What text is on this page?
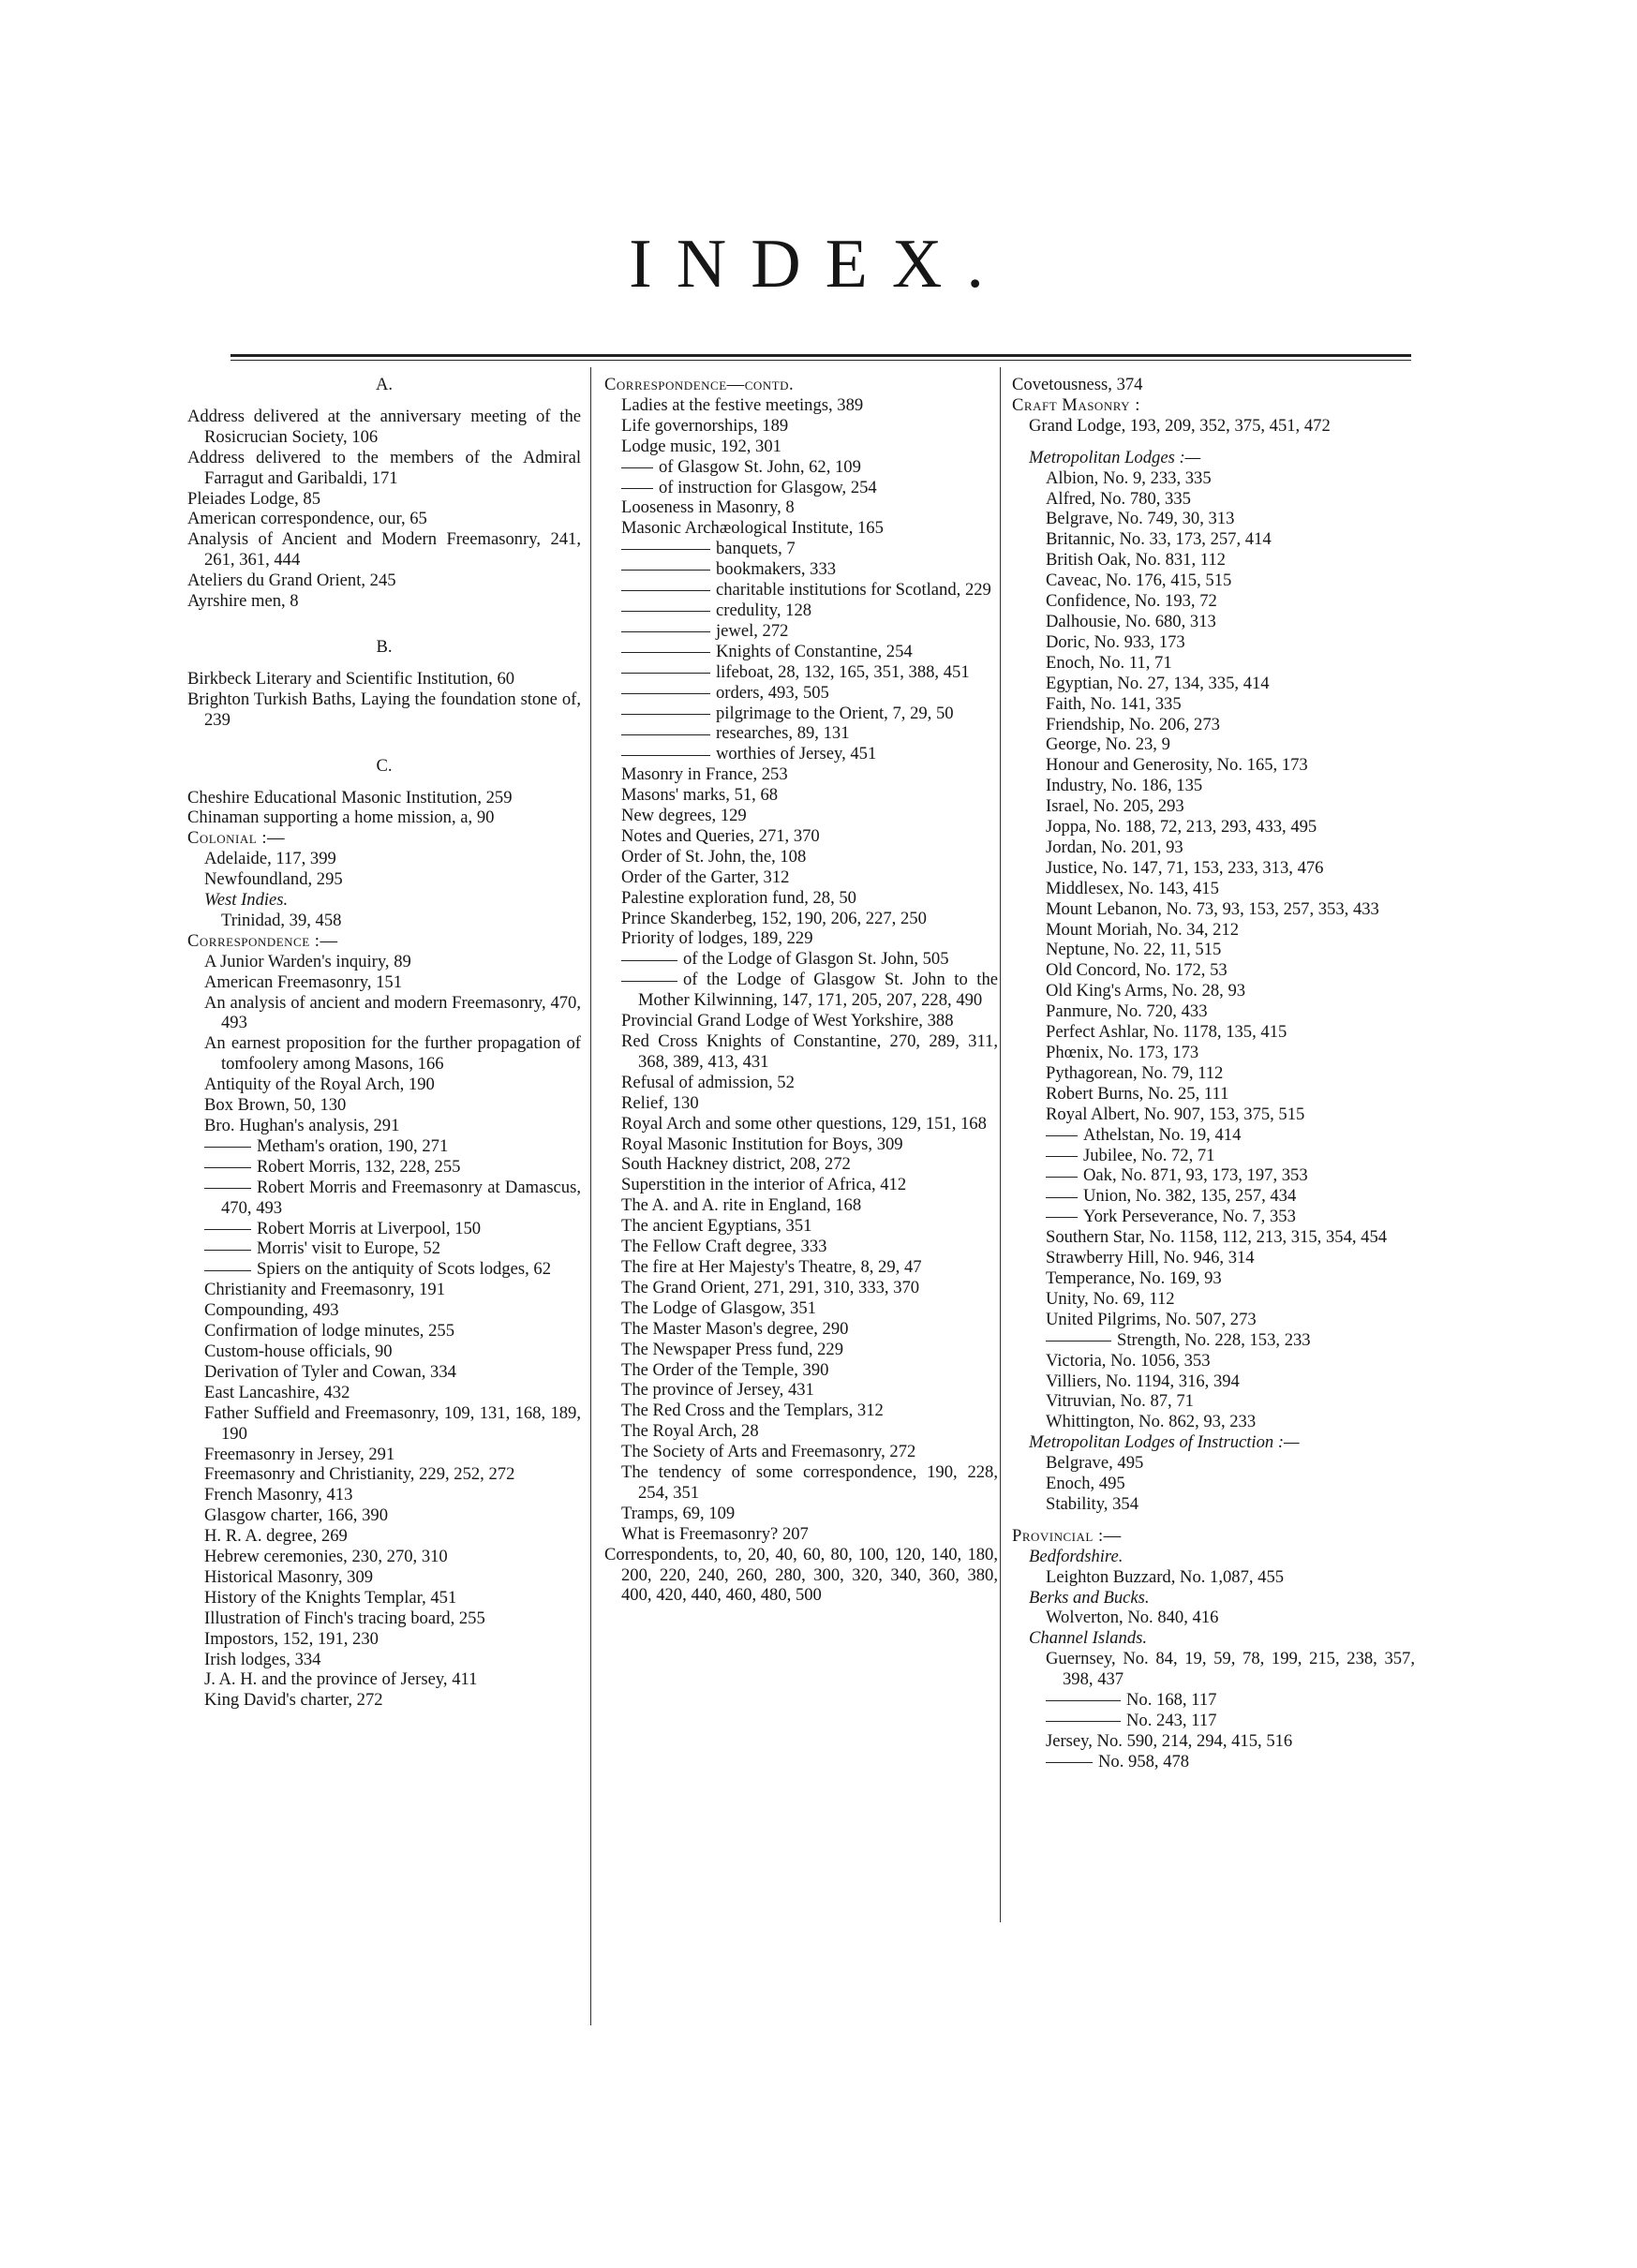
INDEX.
A.
Address delivered at the anniversary meeting of the Rosicrucian Society, 106
Address delivered to the members of the Admiral Farragut and Garibaldi, 171
Pleiades Lodge, 85
American correspondence, our, 65
Analysis of Ancient and Modern Freemasonry, 241, 261, 361, 444
Ateliers du Grand Orient, 245
Ayrshire men, 8
B.
Birkbeck Literary and Scientific Institution, 60
Brighton Turkish Baths, Laying the foundation stone of, 239
C.
Cheshire Educational Masonic Institution, 259
Chinaman supporting a home mission, a, 90
Colonial :—
Adelaide, 117, 399
Newfoundland, 295
West Indies.
Trinidad, 39, 458
Correspondence :—
A Junior Warden's inquiry, 89
American Freemasonry, 151
An analysis of ancient and modern Freemasonry, 470, 493
An earnest proposition for the further propagation of tomfoolery among Masons, 166
Antiquity of the Royal Arch, 190
Box Brown, 50, 130
Bro. Hughan's analysis, 291
Metham's oration, 190, 271
Robert Morris, 132, 228, 255
Robert Morris and Freemasonry at Damascus, 470, 493
Robert Morris at Liverpool, 150
Morris' visit to Europe, 52
Spiers on the antiquity of Scots lodges, 62
Christianity and Freemasonry, 191
Compounding, 493
Confirmation of lodge minutes, 255
Custom-house officials, 90
Derivation of Tyler and Cowan, 334
East Lancashire, 432
Father Suffield and Freemasonry, 109, 131, 168, 189, 190
Freemasonry in Jersey, 291
Freemasonry and Christianity, 229, 252, 272
French Masonry, 413
Glasgow charter, 166, 390
H. R. A. degree, 269
Hebrew ceremonies, 230, 270, 310
Historical Masonry, 309
History of the Knights Templar, 451
Illustration of Finch's tracing board, 255
Impostors, 152, 191, 230
Irish lodges, 334
J. A. H. and the province of Jersey, 411
King David's charter, 272
Correspondence—contd.
Ladies at the festive meetings, 389
Life governorships, 189
Lodge music, 192, 301
of Glasgow St. John, 62, 109
of instruction for Glasgow, 254
Looseness in Masonry, 8
Masonic Archæological Institute, 165
banquets, 7
bookmakers, 333
charitable institutions for Scotland, 229
credulity, 128
jewel, 272
Knights of Constantine, 254
lifeboat, 28, 132, 165, 351, 388, 451
orders, 493, 505
pilgrimage to the Orient, 7, 29, 50
researches, 89, 131
worthies of Jersey, 451
Masonry in France, 253
Masons' marks, 51, 68
New degrees, 129
Notes and Queries, 271, 370
Order of St. John, the, 108
Order of the Garter, 312
Palestine exploration fund, 28, 50
Prince Skanderbeg, 152, 190, 206, 227, 250
Priority of lodges, 189, 229
of the Lodge of Glasgon St. John, 505
of the Lodge of Glasgow St. John to the Mother Kilwinning, 147, 171, 205, 207, 228, 490
Provincial Grand Lodge of West Yorkshire, 388
Red Cross Knights of Constantine, 270, 289, 311, 368, 389, 413, 431
Refusal of admission, 52
Relief, 130
Royal Arch and some other questions, 129, 151, 168
Royal Masonic Institution for Boys, 309
South Hackney district, 208, 272
Superstition in the interior of Africa, 412
The A. and A. rite in England, 168
The ancient Egyptians, 351
The Fellow Craft degree, 333
The fire at Her Majesty's Theatre, 8, 29, 47
The Grand Orient, 271, 291, 310, 333, 370
The Lodge of Glasgow, 351
The Master Mason's degree, 290
The Newspaper Press fund, 229
The Order of the Temple, 390
The province of Jersey, 431
The Red Cross and the Templars, 312
The Royal Arch, 28
The Society of Arts and Freemasonry, 272
The tendency of some correspondence, 190, 228, 254, 351
Tramps, 69, 109
What is Freemasonry? 207
Correspondents, to, 20, 40, 60, 80, 100, 120, 140, 180, 200, 220, 240, 260, 280, 300, 320, 340, 360, 380, 400, 420, 440, 460, 480, 500
Covetousness, 374
Craft Masonry :
Grand Lodge, 193, 209, 352, 375, 451, 472
Metropolitan Lodges :—
Albion, No. 9, 233, 335
Alfred, No. 780, 335
Belgrave, No. 749, 30, 313
Britannic, No. 33, 173, 257, 414
British Oak, No. 831, 112
Caveac, No. 176, 415, 515
Confidence, No. 193, 72
Dalhousie, No. 680, 313
Doric, No. 933, 173
Enoch, No. 11, 71
Egyptian, No. 27, 134, 335, 414
Faith, No. 141, 335
Friendship, No. 206, 273
George, No. 23, 9
Honour and Generosity, No. 165, 173
Industry, No. 186, 135
Israel, No. 205, 293
Joppa, No. 188, 72, 213, 293, 433, 495
Jordan, No. 201, 93
Justice, No. 147, 71, 153, 233, 313, 476
Middlesex, No. 143, 415
Mount Lebanon, No. 73, 93, 153, 257, 353, 433
Mount Moriah, No. 34, 212
Neptune, No. 22, 11, 515
Old Concord, No. 172, 53
Old King's Arms, No. 28, 93
Panmure, No. 720, 433
Perfect Ashlar, No. 1178, 135, 415
Phœnix, No. 173, 173
Pythagorean, No. 79, 112
Robert Burns, No. 25, 111
Royal Albert, No. 907, 153, 375, 515
Athelstan, No. 19, 414
Jubilee, No. 72, 71
Oak, No. 871, 93, 173, 197, 353
Union, No. 382, 135, 257, 434
York Perseverance, No. 7, 353
Southern Star, No. 1158, 112, 213, 315, 354, 454
Strawberry Hill, No. 946, 314
Temperance, No. 169, 93
Unity, No. 69, 112
United Pilgrims, No. 507, 273
Strength, No. 228, 153, 233
Victoria, No. 1056, 353
Villiers, No. 1194, 316, 394
Vitruvian, No. 87, 71
Whittington, No. 862, 93, 233
Metropolitan Lodges of Instruction :—
Belgrave, 495
Enoch, 495
Stability, 354
Provincial :—
Bedfordshire.
Leighton Buzzard, No. 1,087, 455
Berks and Bucks.
Wolverton, No. 840, 416
Channel Islands.
Guernsey, No. 84, 19, 59, 78, 199, 215, 238, 357, 398, 437
No. 168, 117
No. 243, 117
Jersey, No. 590, 214, 294, 415, 516
No. 958, 478
